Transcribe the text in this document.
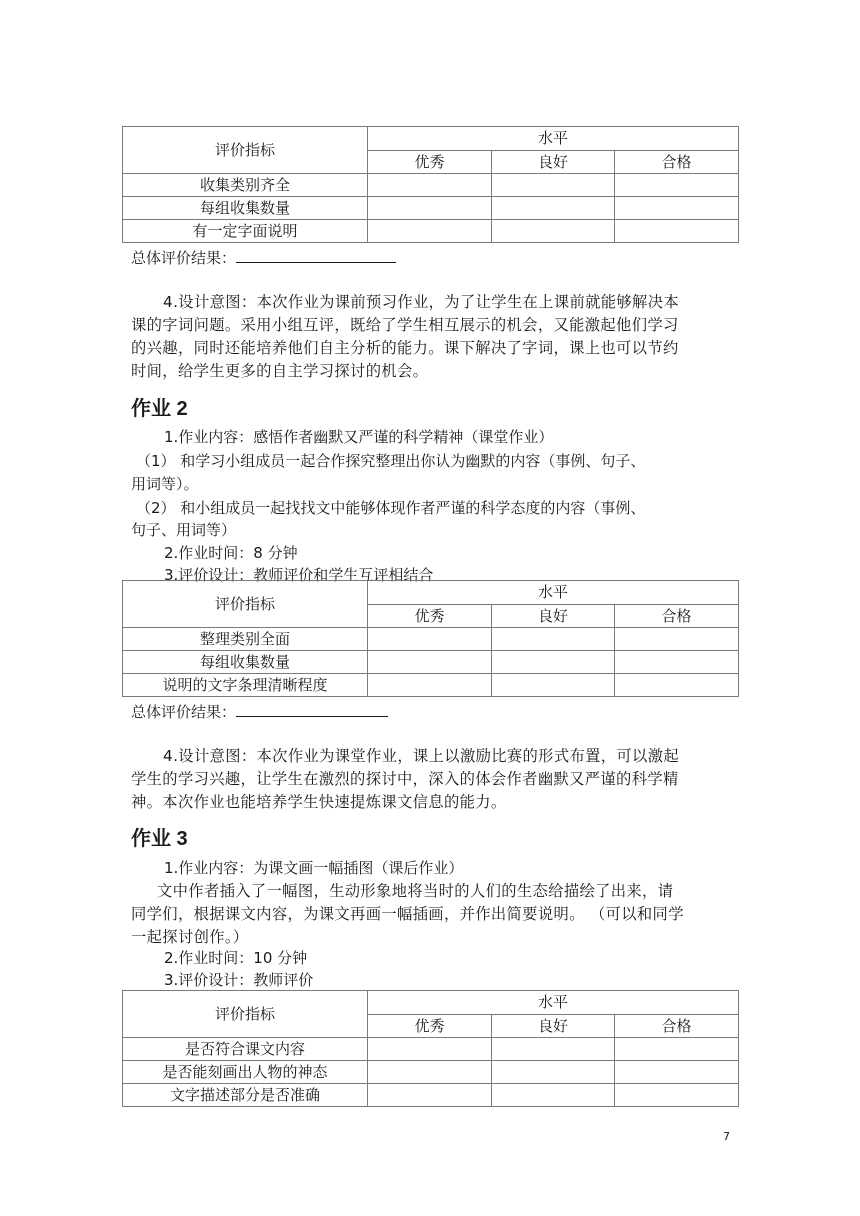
评价指标	水平		
	优秀	良好	合格
收集类别齐全			
每组收集数量			
有一定字面说明			
总体评价结果：
4.设计意图：本次作业为课前预习作业，为了让学生在上课前就能够解决本
课的字词问题。采用小组互评，既给了学生相互展示的机会，又能激起他们学习
的兴趣，同时还能培养他们自主分析的能力。课下解决了字词，课上也可以节约
时间，给学生更多的自主学习探讨的机会。
作业 2
1.作业内容：感悟作者幽默又严谨的科学精神（课堂作业）
（1） 和学习小组成员一起合作探究整理出你认为幽默的内容（事例、句子、
用词等）。
（2） 和小组成员一起找找文中能够体现作者严谨的科学态度的内容（事例、
句子、用词等）
2.作业时间：8 分钟
3.评价设计：教师评价和学生互评相结合
评价指标	水平		
	优秀	良好	合格
整理类别全面			
每组收集数量			
说明的文字条理清晰程度			
总体评价结果：
4.设计意图：本次作业为课堂作业，课上以激励比赛的形式布置，可以激起
学生的学习兴趣，让学生在激烈的探讨中，深入的体会作者幽默又严谨的科学精
神。本次作业也能培养学生快速提炼课文信息的能力。
作业 3
1.作业内容：为课文画一幅插图（课后作业）
文中作者插入了一幅图，生动形象地将当时的人们的生态给描绘了出来，请
同学们，根据课文内容，为课文再画一幅插画，并作出简要说明。 （可以和同学
一起探讨创作。）
2.作业时间：10 分钟
3.评价设计：教师评价
评价指标	水平		
	优秀	良好	合格
是否符合课文内容			
是否能刻画出人物的神态			
文字描述部分是否准确			
7
